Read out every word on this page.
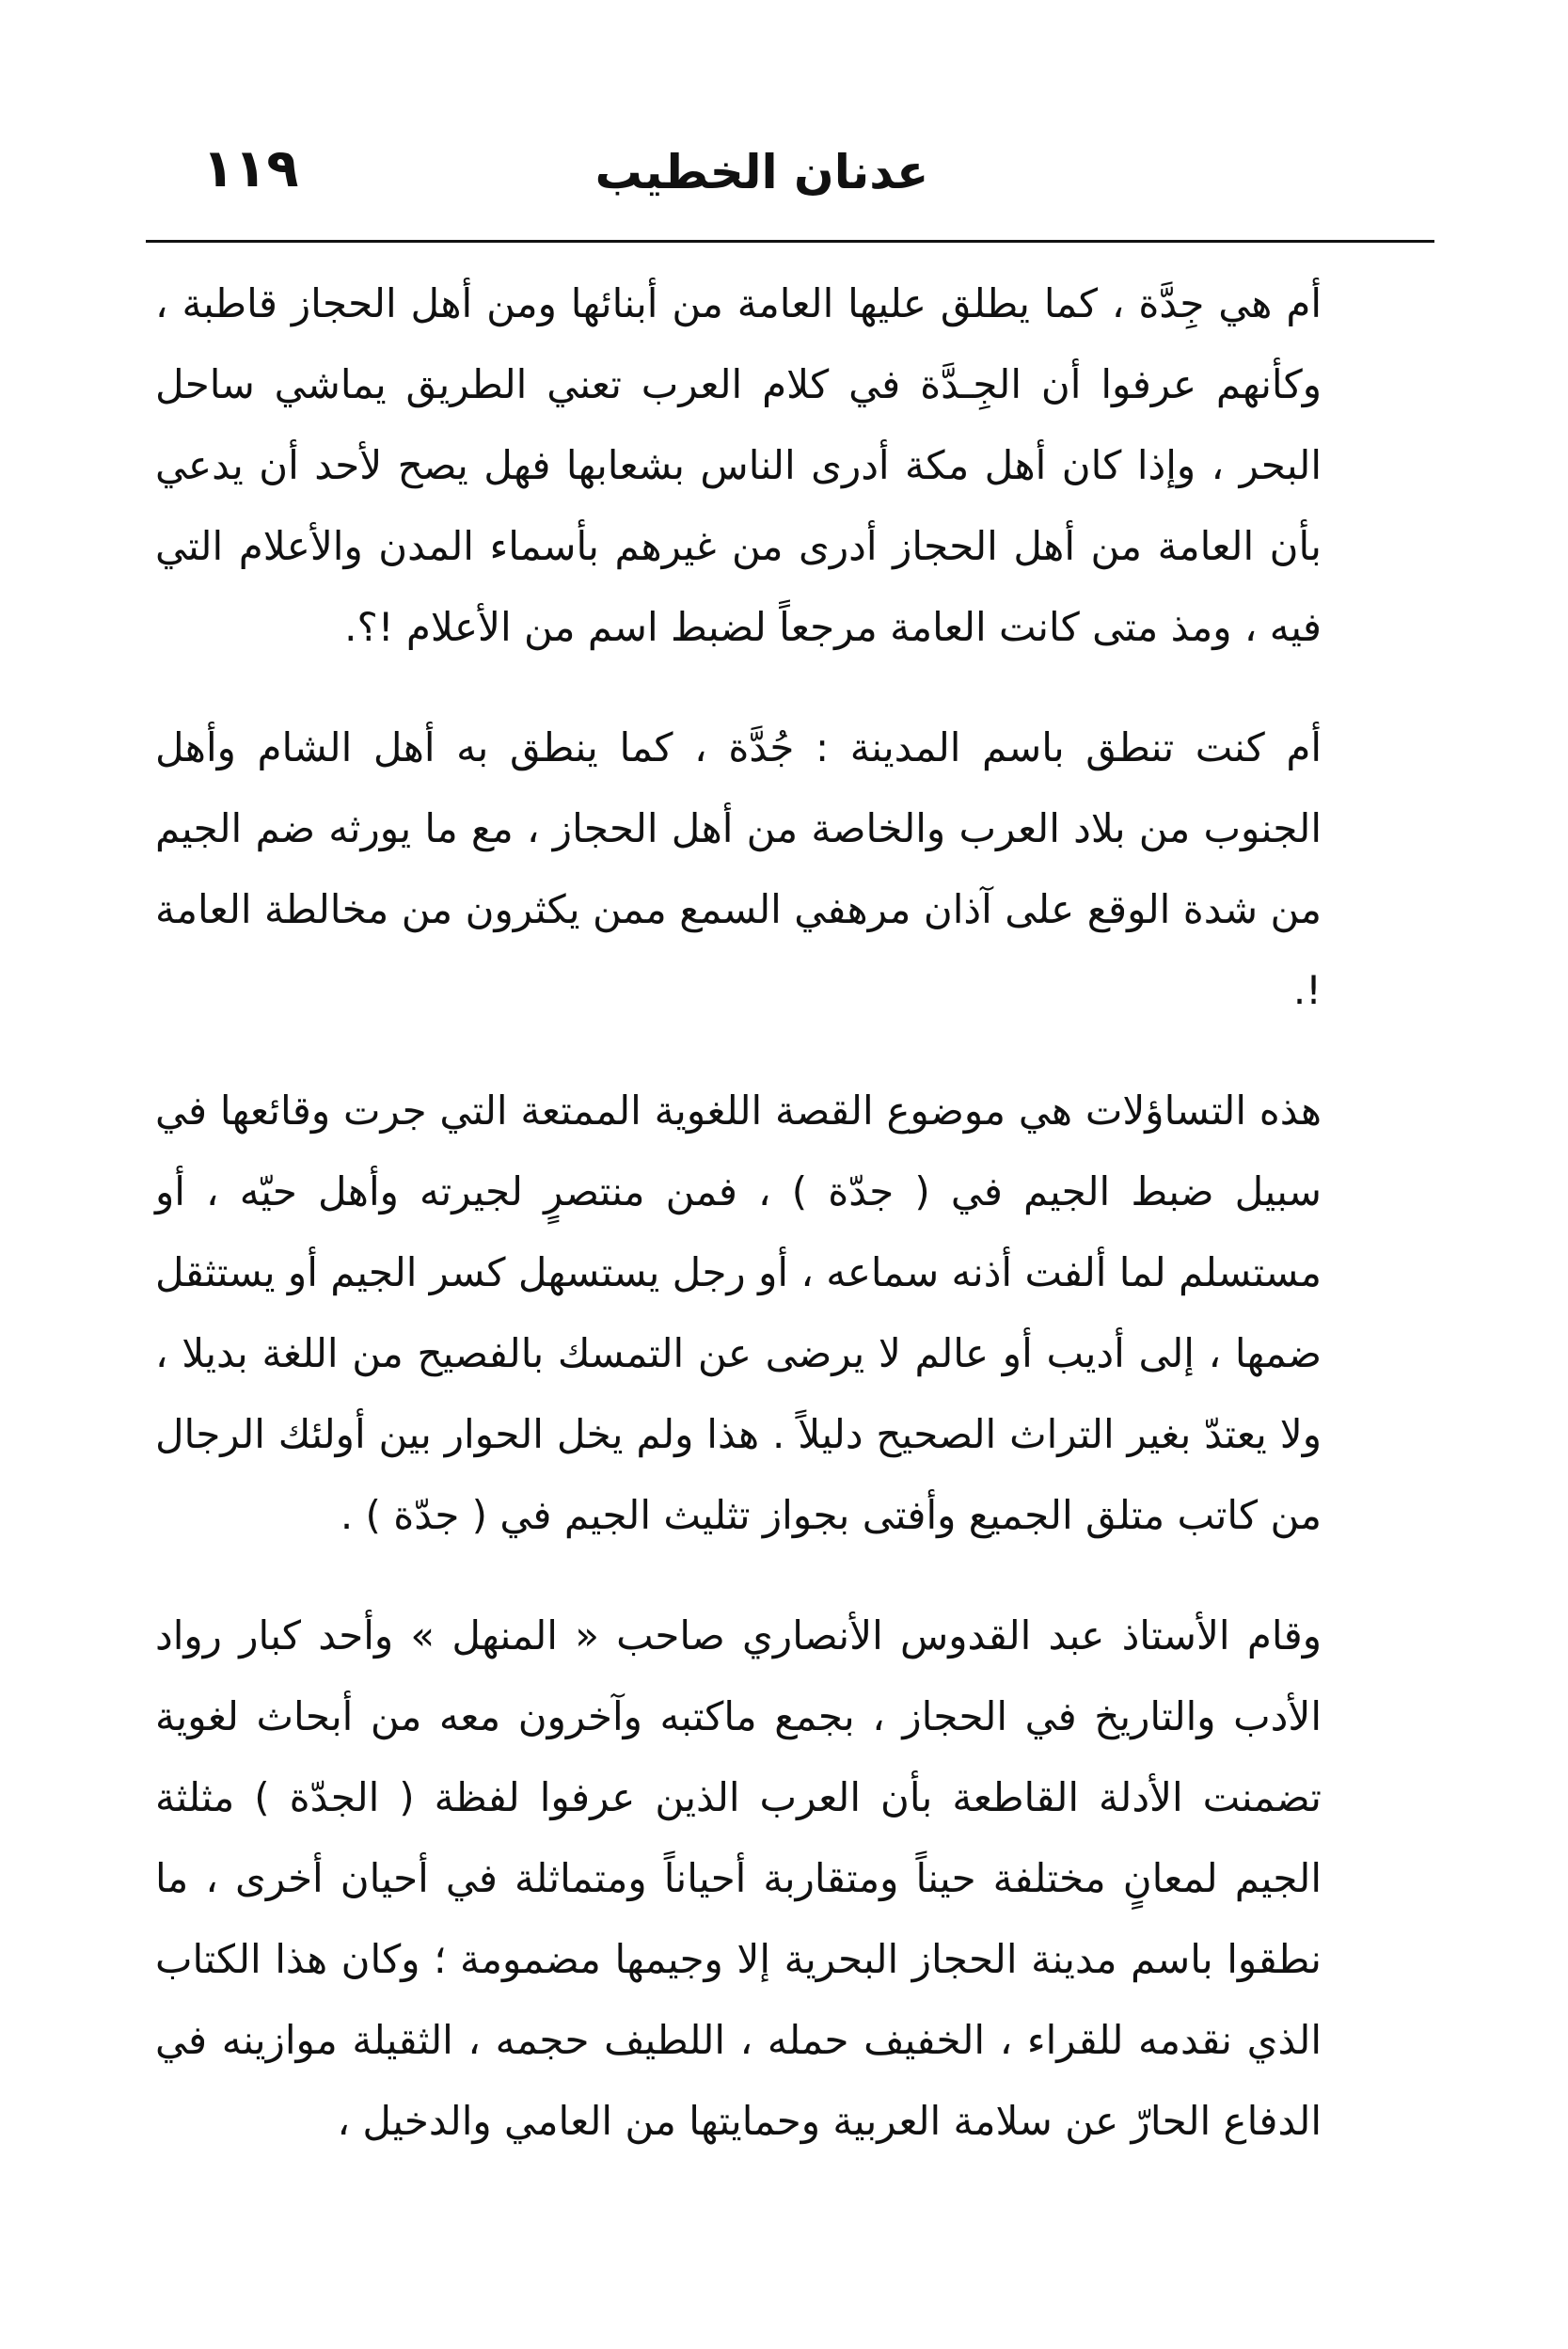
١١٩	عدنان الخطيب

أم هي جِدَّة ، كما يطلق عليها العامة من أبنائها ومن أهل الحجاز قاطبة ، وكأنهم عرفوا أن الجِـدَّة في كلام العرب تعني الطريق يماشي ساحل البحر ، وإذا كان أهل مكة أدرى الناس بشعابها فهل يصح لأحد أن يدعي بأن العامة من أهل الحجاز أدرى من غيرهم بأسماء المدن والأعلام التي فيه ، ومذ متى كانت العامة مرجعاً لضبط اسم من الأعلام !؟.

أم كنت تنطق باسم المدينة : جُدَّة ، كما ينطق به أهل الشام وأهل الجنوب من بلاد العرب والخاصة من أهل الحجاز ، مع ما يورثه ضم الجيم من شدة الوقع على آذان مرهفي السمع ممن يكثرون من مخالطة العامة !.

هذه التساؤلات هي موضوع القصة اللغوية الممتعة التي جرت وقائعها في سبيل ضبط الجيم في ( جدّة ) ، فمن منتصرٍ لجيرته وأهل حيّه ، أو مستسلم لما ألفت أذنه سماعه ، أو رجل يستسهل كسر الجيم أو يستثقل ضمها ، إلى أديب أو عالم لا يرضى عن التمسك بالفصيح من اللغة بديلا ، ولا يعتدّ بغير التراث الصحيح دليلاً . هذا ولم يخل الحوار بين أولئك الرجال من كاتب متلق الجميع وأفتى بجواز تثليث الجيم في ( جدّة ) .

وقام الأستاذ عبد القدوس الأنصاري صاحب « المنهل » وأحد كبار رواد الأدب والتاريخ في الحجاز ، بجمع ماكتبه وآخرون معه من أبحاث لغوية تضمنت الأدلة القاطعة بأن العرب الذين عرفوا لفظة ( الجدّة ) مثلثة الجيم لمعانٍ مختلفة حيناً ومتقاربة أحياناً ومتماثلة في أحيان أخرى ، ما نطقوا باسم مدينة الحجاز البحرية إلا وجيمها مضمومة ؛ وكان هذا الكتاب الذي نقدمه للقراء ، الخفيف حمله ، اللطيف حجمه ، الثقيلة موازينه في الدفاع الحارّ عن سلامة العربية وحمايتها من العامي والدخيل ،
